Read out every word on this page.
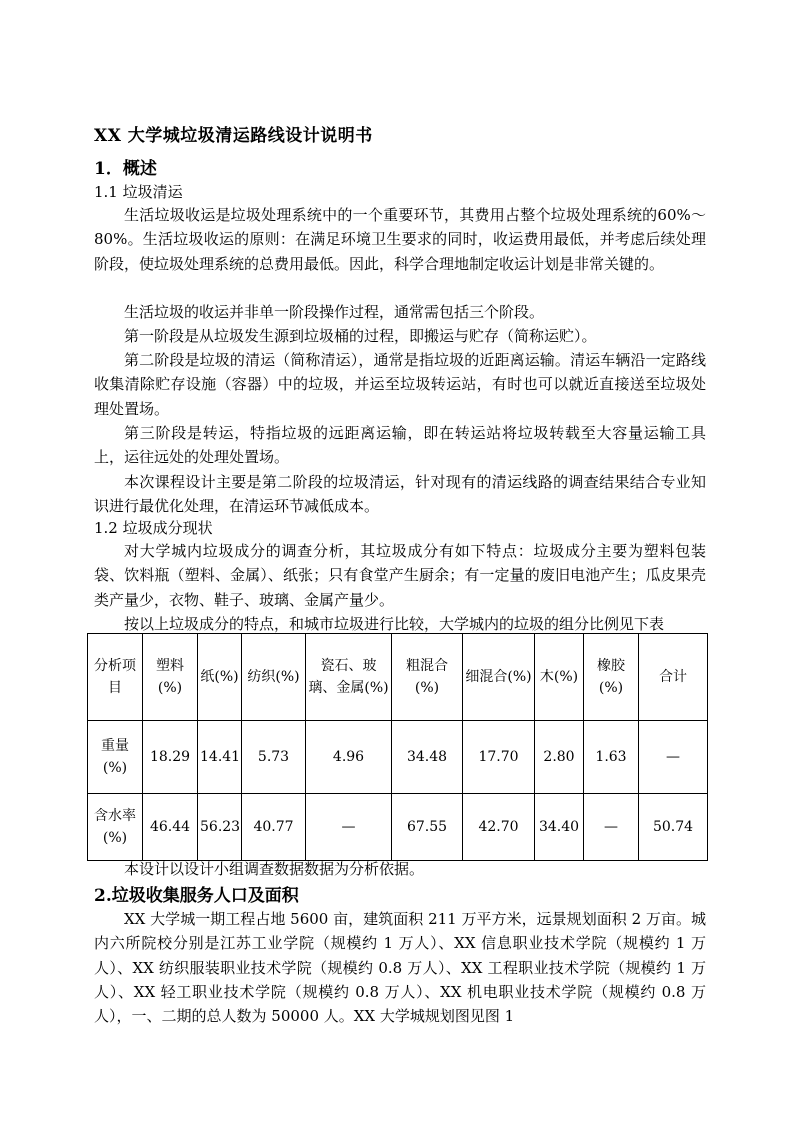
XX 大学城垃圾清运路线设计说明书
1．概述
1.1 垃圾清运
生活垃圾收运是垃圾处理系统中的一个重要环节，其费用占整个垃圾处理系统的60%～80%。生活垃圾收运的原则：在满足环境卫生要求的同时，收运费用最低，并考虑后续处理阶段，使垃圾处理系统的总费用最低。因此，科学合理地制定收运计划是非常关键的。
生活垃圾的收运并非单一阶段操作过程，通常需包括三个阶段。
第一阶段是从垃圾发生源到垃圾桶的过程，即搬运与贮存（简称运贮）。
第二阶段是垃圾的清运（简称清运），通常是指垃圾的近距离运输。清运车辆沿一定路线收集清除贮存设施（容器）中的垃圾，并运至垃圾转运站，有时也可以就近直接送至垃圾处理处置场。
第三阶段是转运，特指垃圾的远距离运输，即在转运站将垃圾转载至大容量运输工具上，运往远处的处理处置场。
本次课程设计主要是第二阶段的垃圾清运，针对现有的清运线路的调查结果结合专业知识进行最优化处理，在清运环节减低成本。
1.2 垃圾成分现状
对大学城内垃圾成分的调查分析，其垃圾成分有如下特点：垃圾成分主要为塑料包装袋、饮料瓶（塑料、金属）、纸张；只有食堂产生厨余；有一定量的废旧电池产生；瓜皮果壳类产量少，衣物、鞋子、玻璃、金属产量少。
按以上垃圾成分的特点，和城市垃圾进行比较，大学城内的垃圾的组分比例见下表
分析项目	塑料(%)	纸(%)	纺织(%)	瓷石、玻璃、金属(%)	粗混合(%)	细混合(%)	木(%)	橡胶(%)	合计
重量(%)	18.29	14.41	5.73	4.96	34.48	17.70	2.80	1.63	—
含水率(%)	46.44	56.23	40.77	—	67.55	42.70	34.40	—	50.74
本设计以设计小组调查数据数据为分析依据。
2.垃圾收集服务人口及面积
XX 大学城一期工程占地 5600 亩，建筑面积 211 万平方米，远景规划面积 2 万亩。城内六所院校分别是江苏工业学院（规模约 1 万人）、XX 信息职业技术学院（规模约 1 万人）、XX 纺织服装职业技术学院（规模约 0.8 万人）、XX 工程职业技术学院（规模约 1 万人）、XX 轻工职业技术学院（规模约 0.8 万人）、XX 机电职业技术学院（规模约 0.8 万人），一、二期的总人数为 50000 人。XX 大学城规划图见图 1
